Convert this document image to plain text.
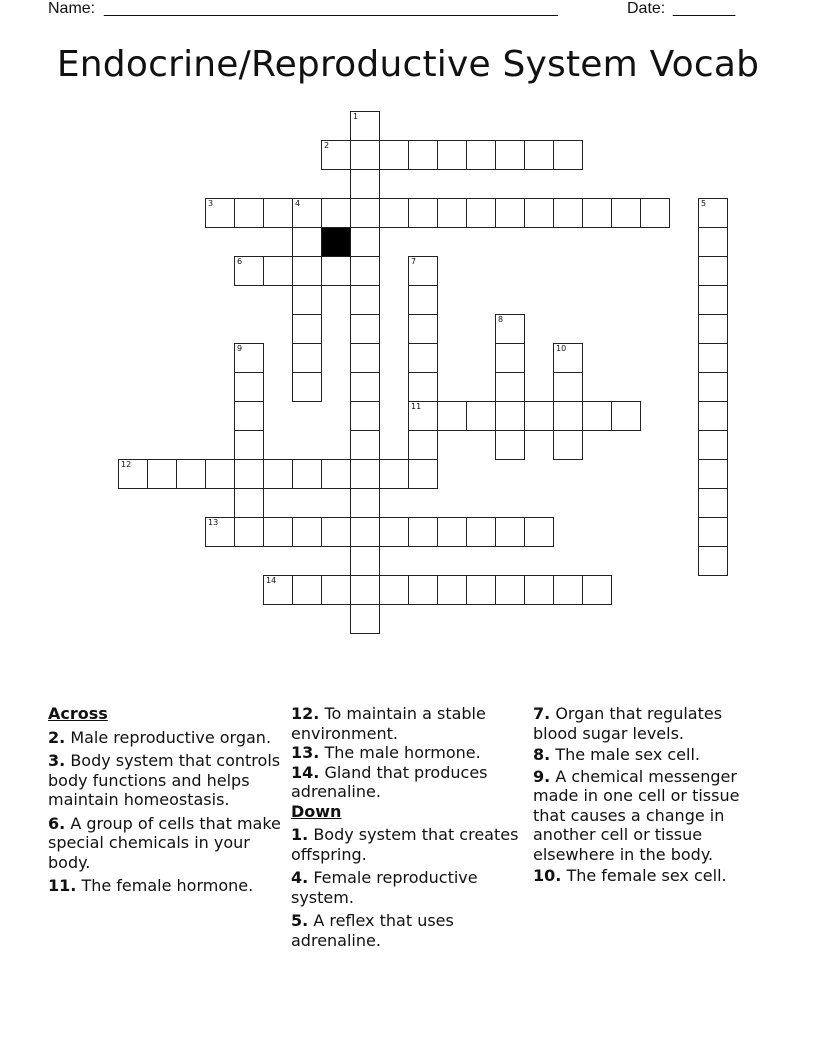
Name: ___________________________________________________	Date: _______
Endocrine/Reproductive System Vocab
1
2
3	4	5
6	7
11
8
9	10
12
13
14
Across
2. Male reproductive organ.
3. Body system that controls body functions and helps maintain homeostasis.
6. A group of cells that make special chemicals in your body.
11. The female hormone.
12. To maintain a stable environment.
13. The male hormone.
14. Gland that produces adrenaline.
Down
1. Body system that creates offspring.
4. Female reproductive system.
5. A reflex that uses adrenaline.
7. Organ that regulates blood sugar levels.
8. The male sex cell.
9. A chemical messenger made in one cell or tissue that causes a change in another cell or tissue elsewhere in the body.
10. The female sex cell.
